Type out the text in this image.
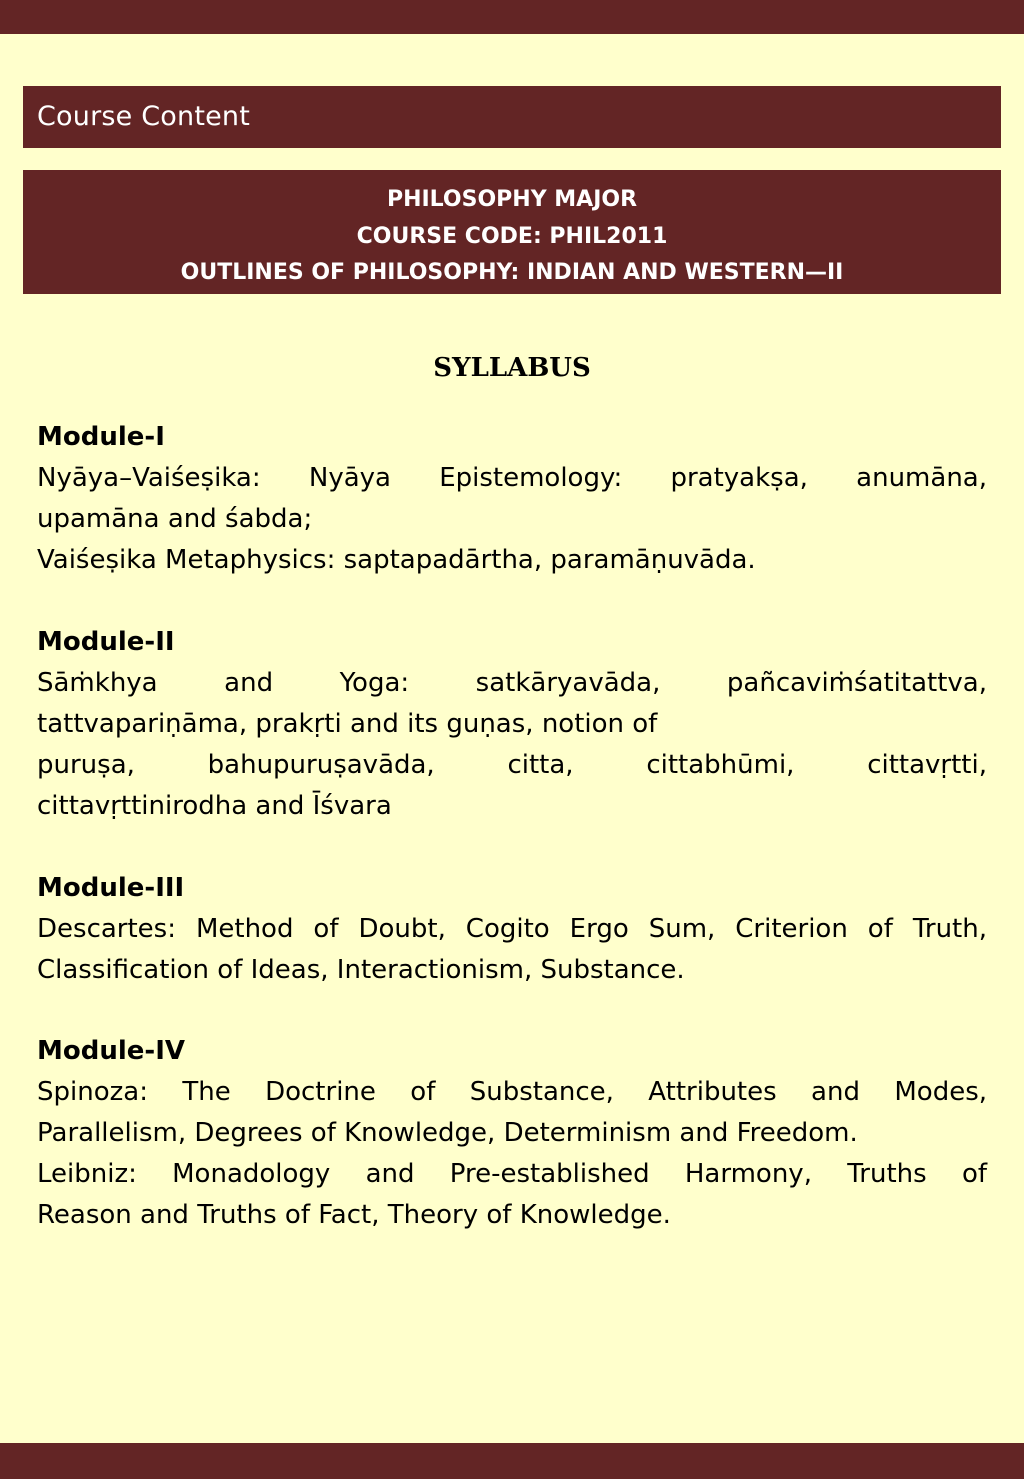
Course Content
PHILOSOPHY MAJOR
COURSE CODE: PHIL2011
OUTLINES OF PHILOSOPHY: INDIAN AND WESTERN—II
SYLLABUS
Module-I
Nyāya–Vaiśeṣika: Nyāya Epistemology: pratyakṣa, anumāna,
upamāna and śabda;
Vaiśeṣika Metaphysics: saptapadārtha, paramāṇuvāda.
Module-II
Sāṁkhya and Yoga: satkāryavāda, pañcaviṁśatitattva,
tattvapariṇāma, prakṛti and its guṇas, notion of
puruṣa, bahupuruṣavāda, citta, cittabhūmi, cittavṛtti,
cittavṛttinirodha and Īśvara
Module-III
Descartes: Method of Doubt, Cogito Ergo Sum, Criterion of Truth,
Classification of Ideas, Interactionism, Substance.
Module-IV
Spinoza: The Doctrine of Substance, Attributes and Modes,
Parallelism, Degrees of Knowledge, Determinism and Freedom.
Leibniz: Monadology and Pre-established Harmony, Truths of
Reason and Truths of Fact, Theory of Knowledge.
